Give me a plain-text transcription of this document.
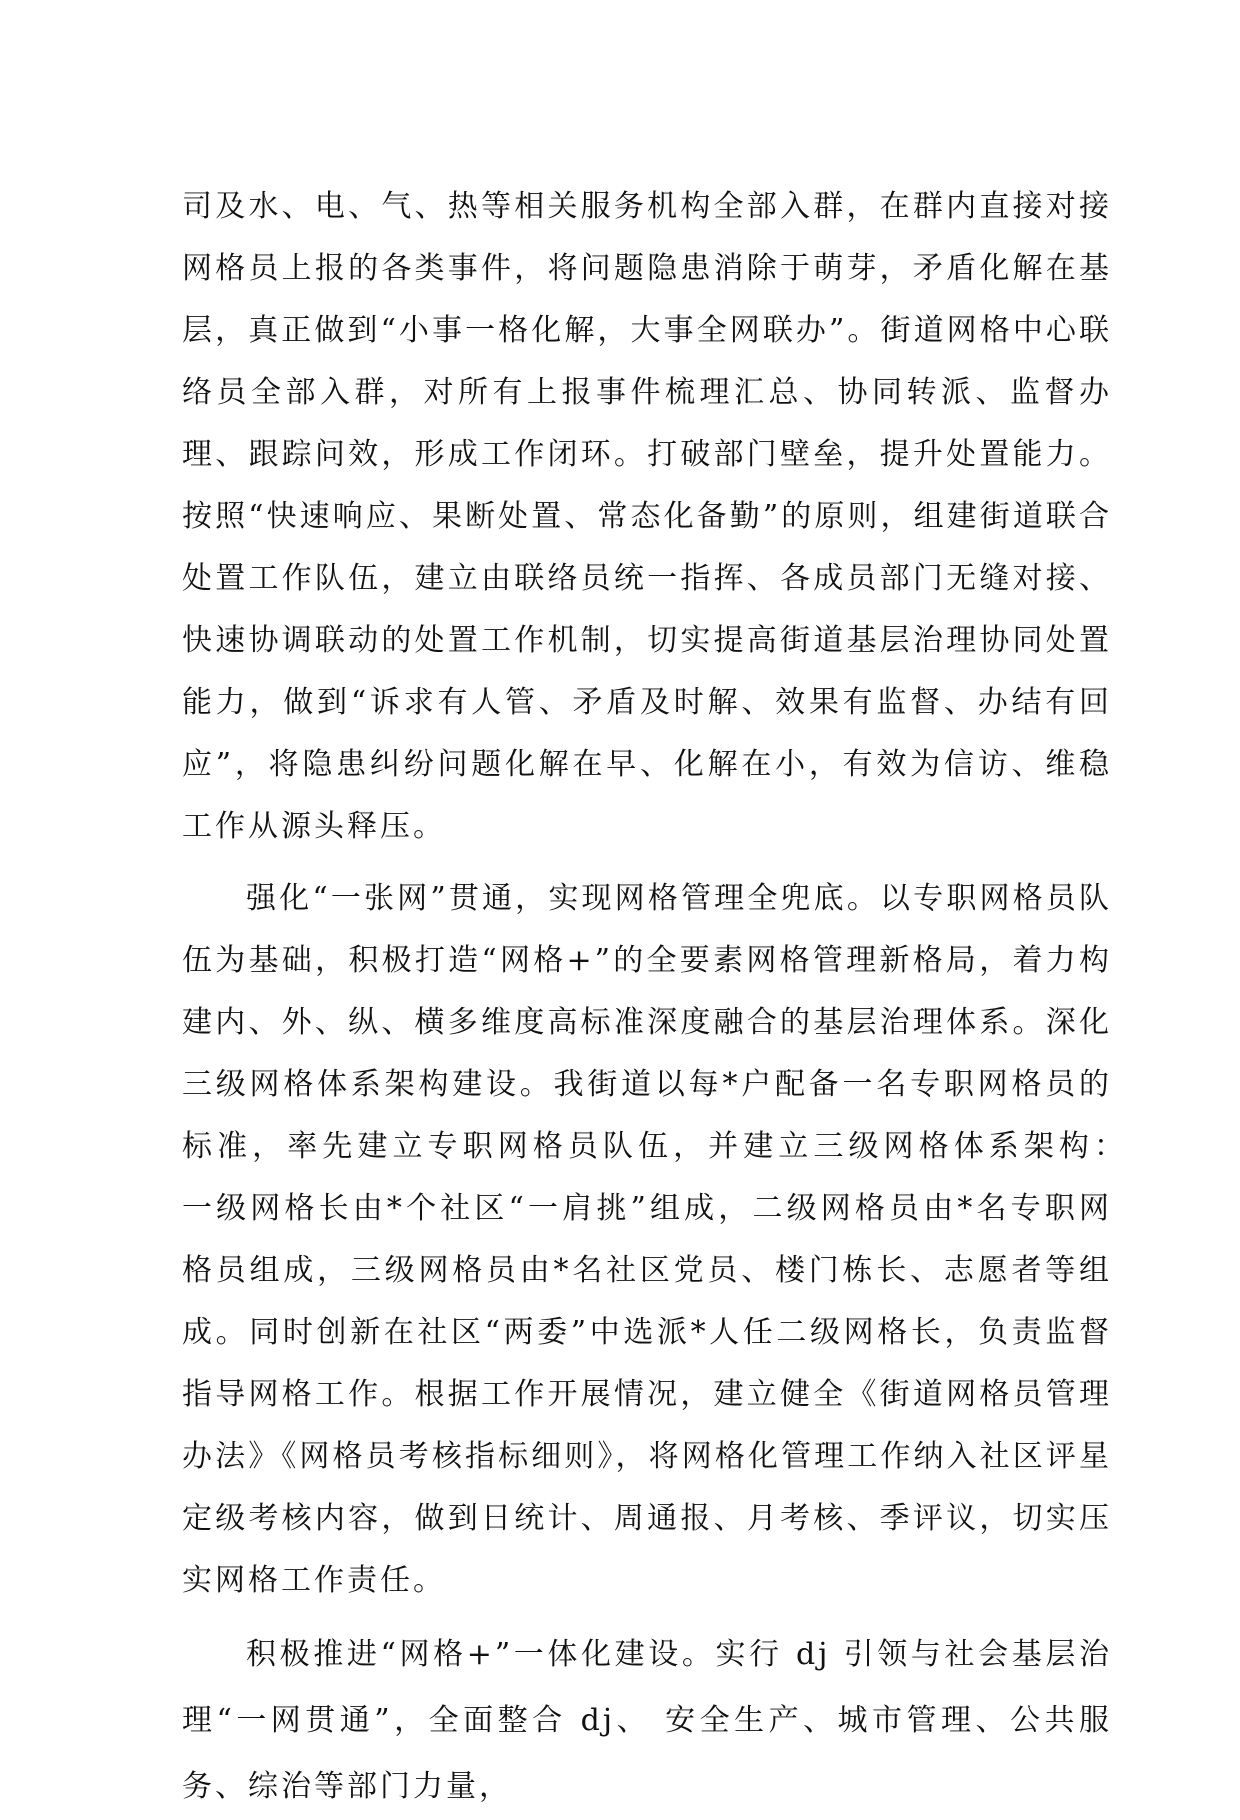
司及水、电、气、热等相关服务机构全部入群，在群内直接对接网格员上报的各类事件，将问题隐患消除于萌芽，矛盾化解在基层，真正做到“小事一格化解，大事全网联办”。街道网格中心联络员全部入群，对所有上报事件梳理汇总、协同转派、监督办理、跟踪问效，形成工作闭环。打破部门壁垒，提升处置能力。按照“快速响应、果断处置、常态化备勤”的原则，组建街道联合处置工作队伍，建立由联络员统一指挥、各成员部门无缝对接、快速协调联动的处置工作机制，切实提高街道基层治理协同处置能力，做到“诉求有人管、矛盾及时解、效果有监督、办结有回应”，将隐患纠纷问题化解在早、化解在小，有效为信访、维稳工作从源头释压。

强化“一张网”贯通，实现网格管理全兜底。以专职网格员队伍为基础，积极打造“网格+”的全要素网格管理新格局，着力构建内、外、纵、横多维度高标准深度融合的基层治理体系。深化三级网格体系架构建设。我街道以每*户配备一名专职网格员的标准，率先建立专职网格员队伍，并建立三级网格体系架构：　一级网格长由*个社区“一肩挑”组成，二级网格员由*名专职网格员组成，三级网格员由*名社区党员、楼门栋长、志愿者等组成。同时创新在社区“两委”中选派*人任二级网格长，负责监督指导网格工作。根据工作开展情况，建立健全《街道网格员管理办法》《网格员考核指标细则》，将网格化管理工作纳入社区评星定级考核内容，做到日统计、周通报、月考核、季评议，切实压实网格工作责任。

积极推进“网格+”一体化建设。实行 dj 引领与社会基层治理“一网贯通”，全面整合 dj、 安全生产、城市管理、公共服务、综治等部门力量，
